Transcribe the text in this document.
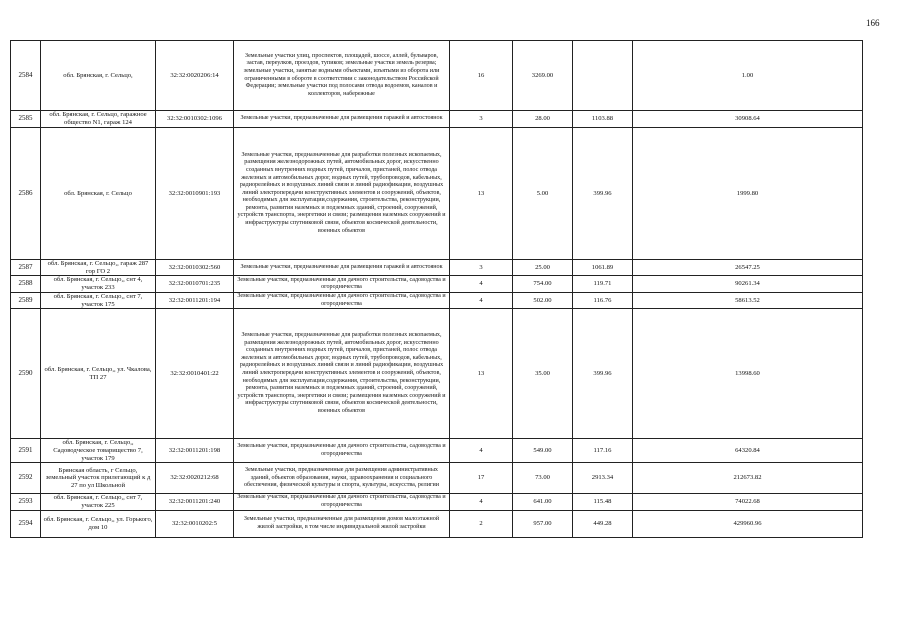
166
2584	обл. Брянская, г. Сельцо,	32:32:0020206:14	Земельные участки улиц, проспектов, площадей, шоссе, аллей, бульваров, застав, переулков, проездов, тупиков; земельные участки земель резерва; земельные участки, занятые водными объектами, изъятыми из оборота или ограниченными в обороте в соответствии с законодательством Российской Федерации; земельные участки под полосами отвода водоемов, каналов и коллекторов, набережные	16	3269.00		1.00
2585	обл. Брянская, г. Сельцо, гаражное общество N1, гараж 124	32:32:0010302:1096	Земельные участки, предназначенные для размещения гаражей и автостоянок	3	28.00	1103.88	30908.64
2586	обл. Брянская, г. Сельцо	32:32:0010901:193	Земельные участки, предназначенные для разработки полезных ископаемых, размещения железнодорожных путей, автомобильных дорог, искусственно созданных внутренних водных путей, причалов, пристаней, полос отвода железных и автомобильных дорог, водных путей, трубопроводов, кабельных, радиорелейных и воздушных линий связи и линий радиофикации, воздушных линий электропередачи конструктивных элементов и сооружений, объектов, необходимых для эксплуатации,содержания, строительства, реконструкции, ремонта, развития наземных и подземных зданий, строений, сооружений, устройств транспорта, энергетики и связи; размещения наземных сооружений и инфраструктуры спутниковой связи, объектов космической деятельности, военных объектов	13	5.00	399.96	1999.80
2587	обл. Брянская, г. Сельцо,, гараж 287 гор ГО 2	32:32:0010302:560	Земельные участки, предназначенные для размещения гаражей и автостоянок	3	25.00	1061.89	26547.25
2588	обл. Брянская, г. Сельцо,, снт 4, участок 233	32:32:0010701:235	Земельные участки, предназначенные для дачного строительства, садоводства и огородничества	4	754.00	119.71	90261.34
2589	обл. Брянская, г. Сельцо,, снт 7, участок 175	32:32:0011201:194	Земельные участки, предназначенные для дачного строительства, садоводства и огородничества	4	502.00	116.76	58613.52
2590	обл. Брянская, г. Сельцо,, ул. Чкалова, ТП 27	32:32:0010401:22	Земельные участки, предназначенные для разработки полезных ископаемых, размещения железнодорожных путей, автомобильных дорог, искусственно созданных внутренних водных путей, причалов, пристаней, полос отвода железных и автомобильных дорог, водных путей, трубопроводов, кабельных, радиорелейных и воздушных линий связи и линий радиофикации, воздушных линий электропередачи конструктивных элементов и сооружений, объектов, необходимых для эксплуатации,содержания, строительства, реконструкции, ремонта, развития наземных и подземных зданий, строений, сооружений, устройств транспорта, энергетики и связи; размещения наземных сооружений и инфраструктуры спутниковой связи, объектов космической деятельности, военных объектов	13	35.00	399.96	13998.60
2591	обл. Брянская, г. Сельцо,, Садоводческое товарищество 7, участок 179	32:32:0011201:198	Земельные участки, предназначенные для дачного строительства, садоводства и огородничества	4	549.00	117.16	64320.84
2592	Брянская область, г Сельцо, земельный участок прилегающий к д 27 по ул Школьной	32:32:0020212:68	Земельные участки, предназначенные для размещения административных зданий, объектов образования, науки, здравоохранения и социального обеспечения, физической культуры и спорта, культуры, искусства, религии	17	73.00	2913.34	212673.82
2593	обл. Брянская, г. Сельцо,, снт 7, участок 225	32:32:0011201:240	Земельные участки, предназначенные для дачного строительства, садоводства и огородничества	4	641.00	115.48	74022.68
2594	обл. Брянская, г. Сельцо,, ул. Горького, дом 10	32:32:0010202:5	Земельные участки, предназначенные для размещения домов малоэтажной жилой застройки, в том числе индивидуальной жилой застройки	2	957.00	449.28	429960.96
